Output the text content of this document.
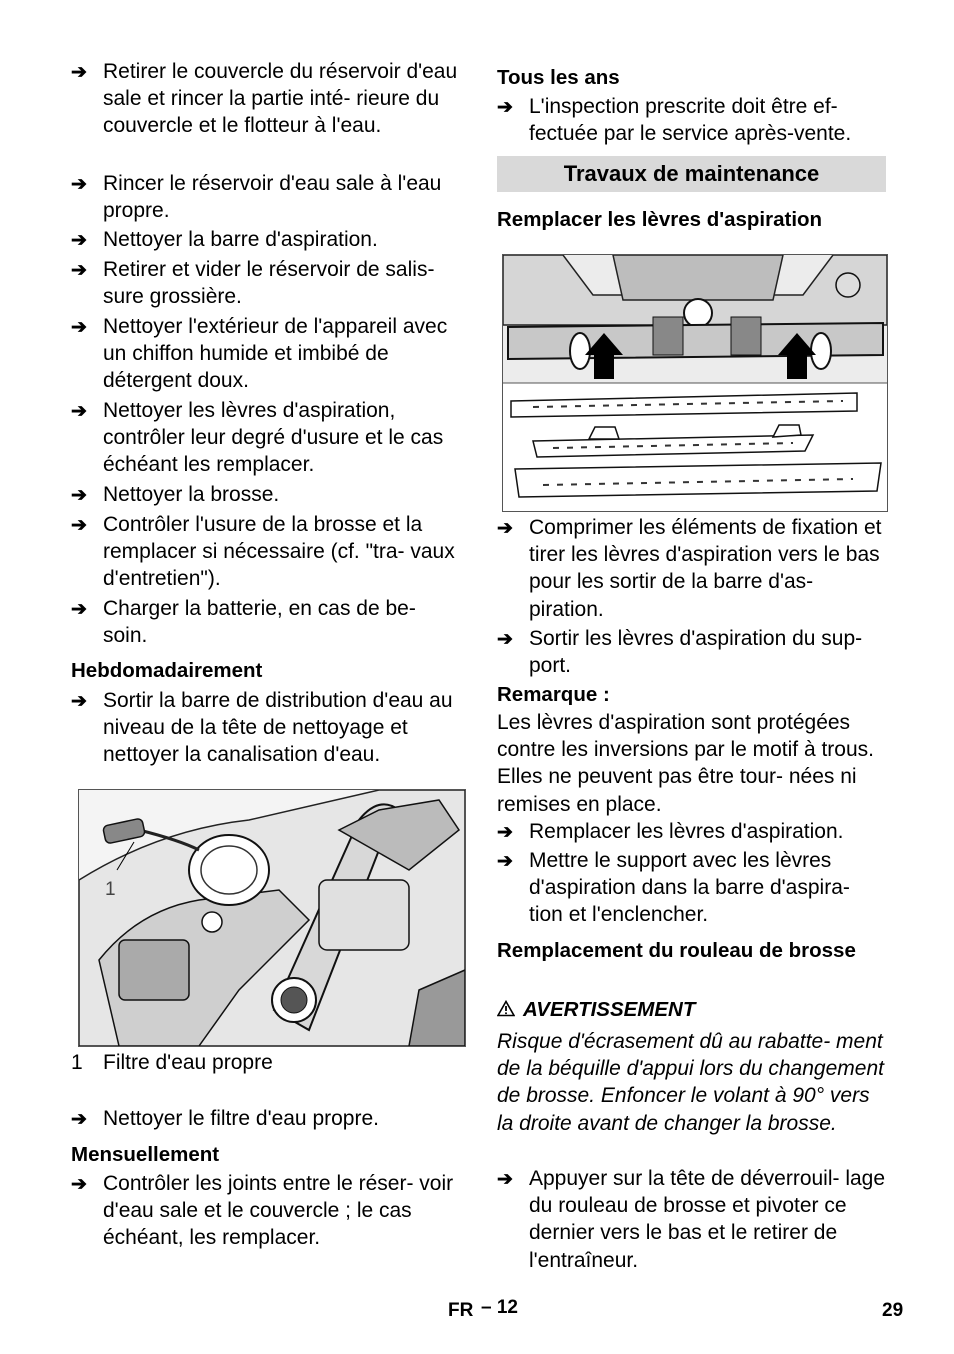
➔ Retirer le couvercle du réservoir d'eau sale et rincer la partie inté- rieure du couvercle et le flotteur à l'eau.
➔ Rincer le réservoir d'eau sale à l'eau propre.
➔ Nettoyer la barre d'aspiration.
➔ Retirer et vider le réservoir de salis- sure grossière.
➔ Nettoyer l'extérieur de l'appareil avec un chiffon humide et imbibé de détergent doux.
➔ Nettoyer les lèvres d'aspiration, contrôler leur degré d'usure et le cas échéant les remplacer.
➔ Nettoyer la brosse.
➔ Contrôler l'usure de la brosse et la remplacer si nécessaire (cf. "tra- vaux d'entretien").
➔ Charger la batterie, en cas de be- soin.
Hebdomadairement
➔ Sortir la barre de distribution d'eau au niveau de la tête de nettoyage et nettoyer la canalisation d'eau.
1
1 Filtre d'eau propre
➔ Nettoyer le filtre d'eau propre.
Mensuellement
➔ Contrôler les joints entre le réser- voir d'eau sale et le couvercle ; le cas échéant, les remplacer.
Tous les ans
➔ L'inspection prescrite doit être ef- fectuée par le service après-vente.
Travaux de maintenance
Remplacer les lèvres d'aspiration
➔ Comprimer les éléments de fixation et tirer les lèvres d'aspiration vers le bas pour les sortir de la barre d'as- piration.
➔ Sortir les lèvres d'aspiration du sup- port.
Remarque :
Les lèvres d'aspiration sont protégées contre les inversions par le motif à trous. Elles ne peuvent pas être tour- nées ni remises en place.
➔ Remplacer les lèvres d'aspiration.
➔ Mettre le support avec les lèvres d'aspiration dans la barre d'aspira- tion et l'enclencher.
Remplacement du rouleau de brosse
AVERTISSEMENT
Risque d'écrasement dû au rabatte- ment de la béquille d'appui lors du changement de brosse. Enfoncer le volant à 90° vers la droite avant de changer la brosse.
➔ Appuyer sur la tête de déverrouil- lage du rouleau de brosse et pivoter ce dernier vers le bas et le retirer de l'entraîneur.
FR – 12	29
